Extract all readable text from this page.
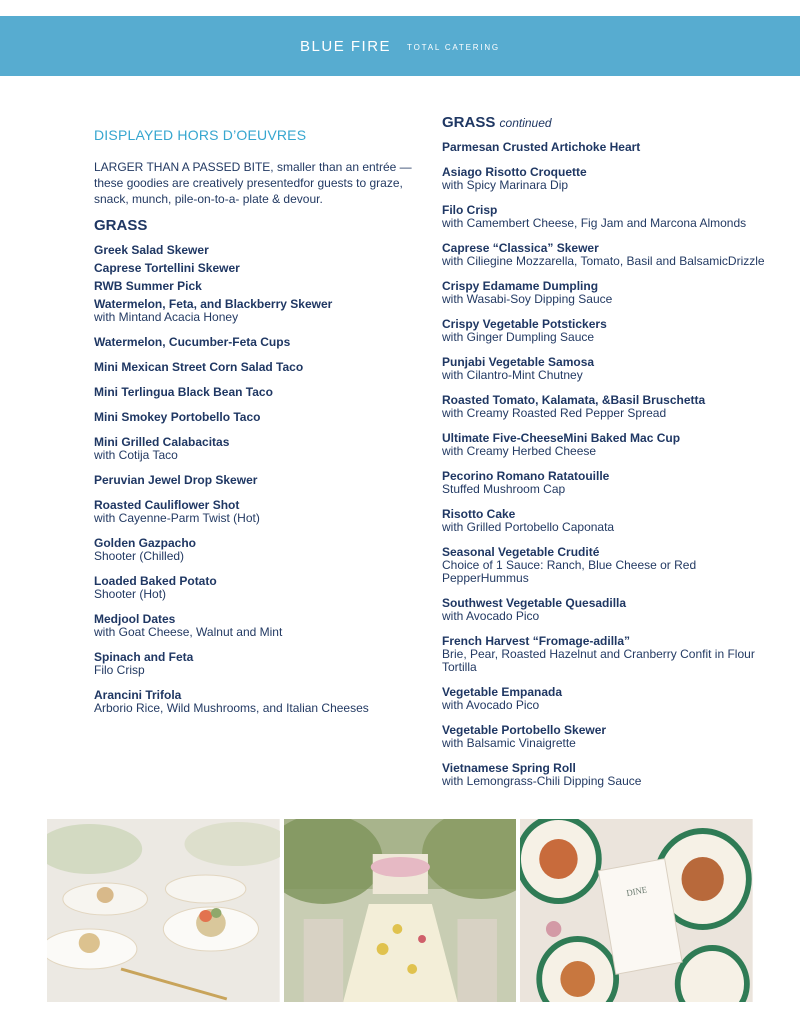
BLUE FIRE TOTAL CATERING
DISPLAYED HORS D’OEUVRES

LARGER THAN A PASSED BITE, smaller than an entrée — these goodies are creatively presentedfor guests to graze, snack, munch, pile-on-to-a- plate & devour.

GRASS
Greek Salad Skewer
Caprese Tortellini Skewer
RWB Summer Pick
Watermelon, Feta, and Blackberry Skewer
with Mintand Acacia Honey
Watermelon, Cucumber-Feta Cups
Mini Mexican Street Corn Salad Taco
Mini Terlingua Black Bean Taco
Mini Smokey Portobello Taco
Mini Grilled Calabacitas
with Cotija Taco
Peruvian Jewel Drop Skewer
Roasted Cauliflower Shot
with Cayenne-Parm Twist (Hot)
Golden Gazpacho
Shooter (Chilled)
Loaded Baked Potato
Shooter (Hot)
Medjool Dates
with Goat Cheese, Walnut and Mint
Spinach and Feta
Filo Crisp
Arancini Trifola
Arborio Rice, Wild Mushrooms, and Italian Cheeses
GRASS continued
Parmesan Crusted Artichoke Heart
Asiago Risotto Croquette
with Spicy Marinara Dip
Filo Crisp
with Camembert Cheese, Fig Jam and Marcona Almonds
Caprese “Classica” Skewer
with Ciliegine Mozzarella, Tomato, Basil and BalsamicDrizzle
Crispy Edamame Dumpling
with Wasabi-Soy Dipping Sauce
Crispy Vegetable Potstickers
with Ginger Dumpling Sauce
Punjabi Vegetable Samosa
with Cilantro-Mint Chutney
Roasted Tomato, Kalamata, &Basil Bruschetta
with Creamy Roasted Red Pepper Spread
Ultimate Five-CheeseMini Baked Mac Cup
with Creamy Herbed Cheese
Pecorino Romano Ratatouille
Stuffed Mushroom Cap
Risotto Cake
with Grilled Portobello Caponata
Seasonal Vegetable Crudité
Choice of 1 Sauce: Ranch, Blue Cheese or Red PepperHummus
Southwest Vegetable Quesadilla
with Avocado Pico
French Harvest “Fromage-adilla”
Brie, Pear, Roasted Hazelnut and Cranberry Confit in Flour Tortilla
Vegetable Empanada
with Avocado Pico
Vegetable Portobello Skewer
with Balsamic Vinaigrette
Vietnamese Spring Roll
with Lemongrass-Chili Dipping Sauce
DINE
